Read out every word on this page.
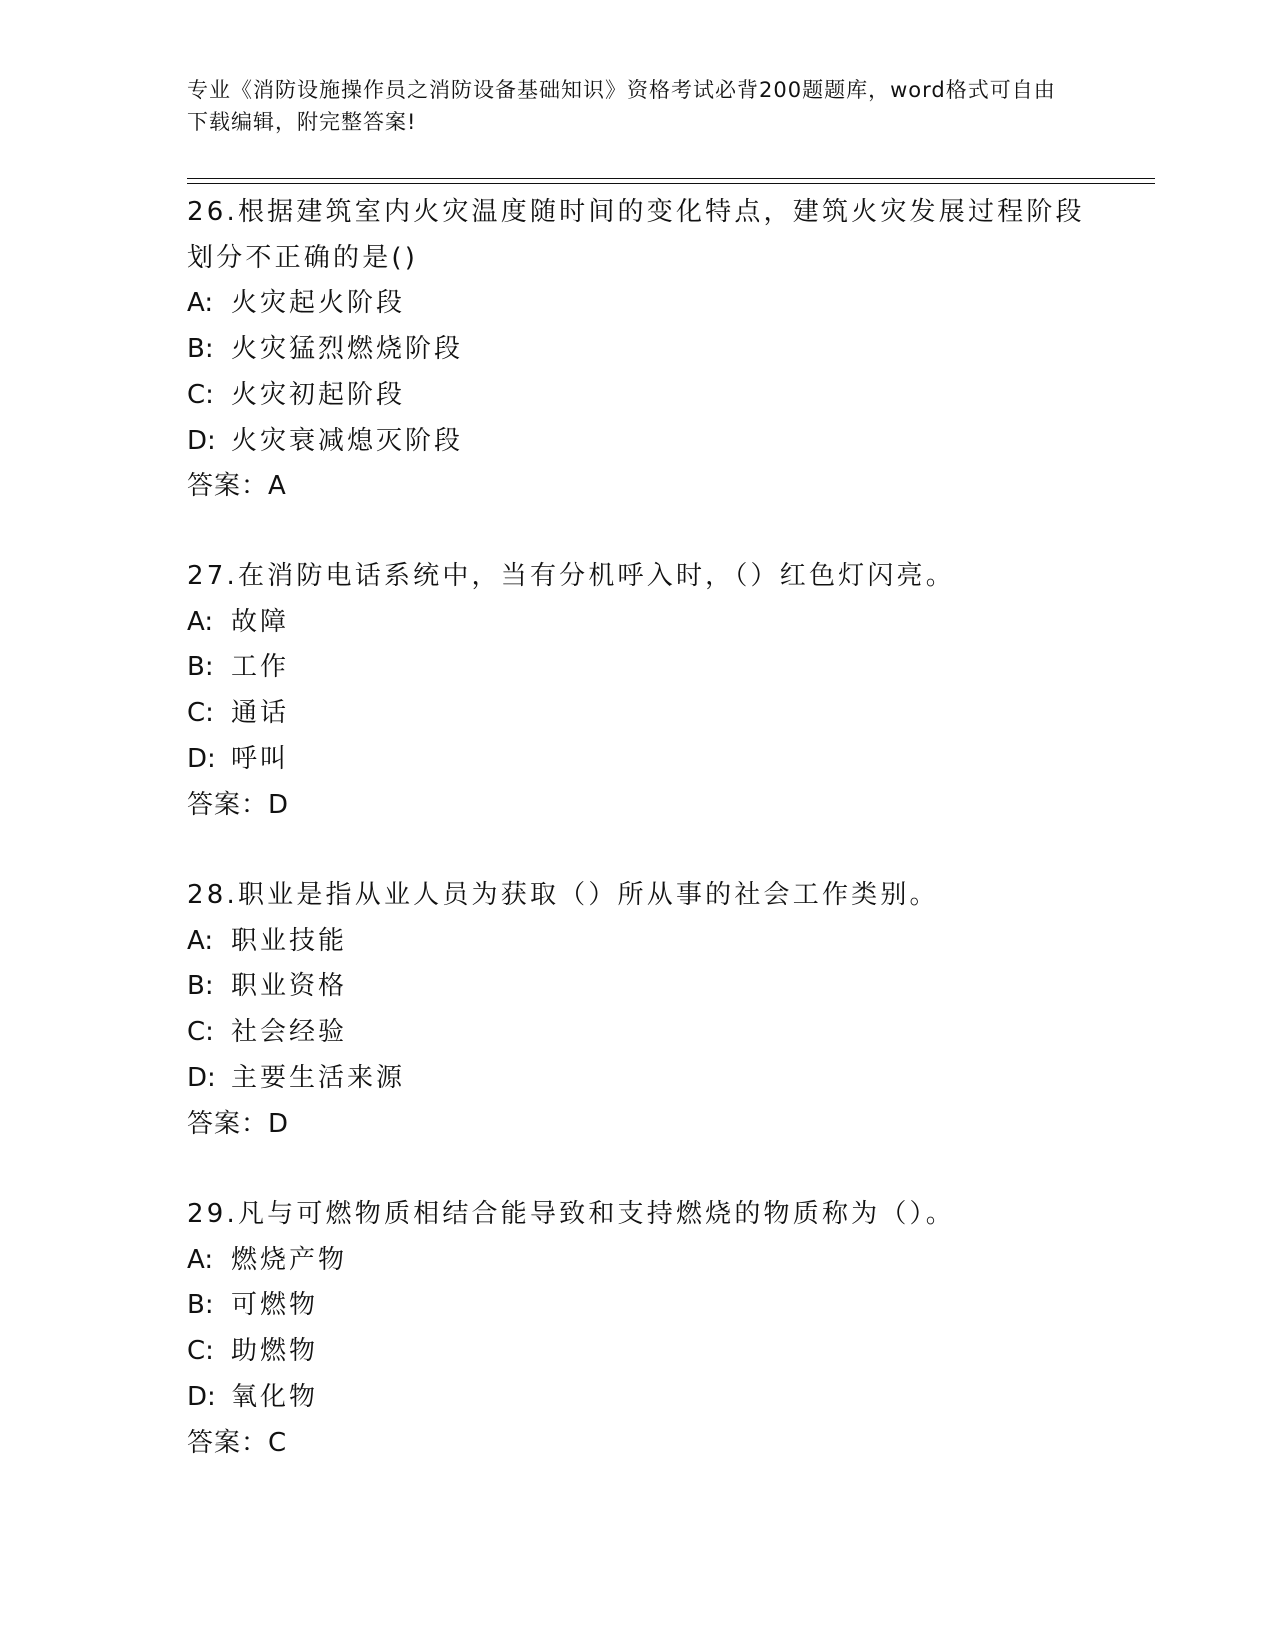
专业《消防设施操作员之消防设备基础知识》资格考试必背200题题库，word格式可自由下载编辑，附完整答案!
26.根据建筑室内火灾温度随时间的变化特点，建筑火灾发展过程阶段划分不正确的是()
A: 火灾起火阶段
B: 火灾猛烈燃烧阶段
C: 火灾初起阶段
D: 火灾衰减熄灭阶段
答案：A
27.在消防电话系统中，当有分机呼入时，（）红色灯闪亮。
A: 故障
B: 工作
C: 通话
D: 呼叫
答案：D
28.职业是指从业人员为获取（）所从事的社会工作类别。
A: 职业技能
B: 职业资格
C: 社会经验
D: 主要生活来源
答案：D
29.凡与可燃物质相结合能导致和支持燃烧的物质称为（）。
A: 燃烧产物
B: 可燃物
C: 助燃物
D: 氧化物
答案：C
